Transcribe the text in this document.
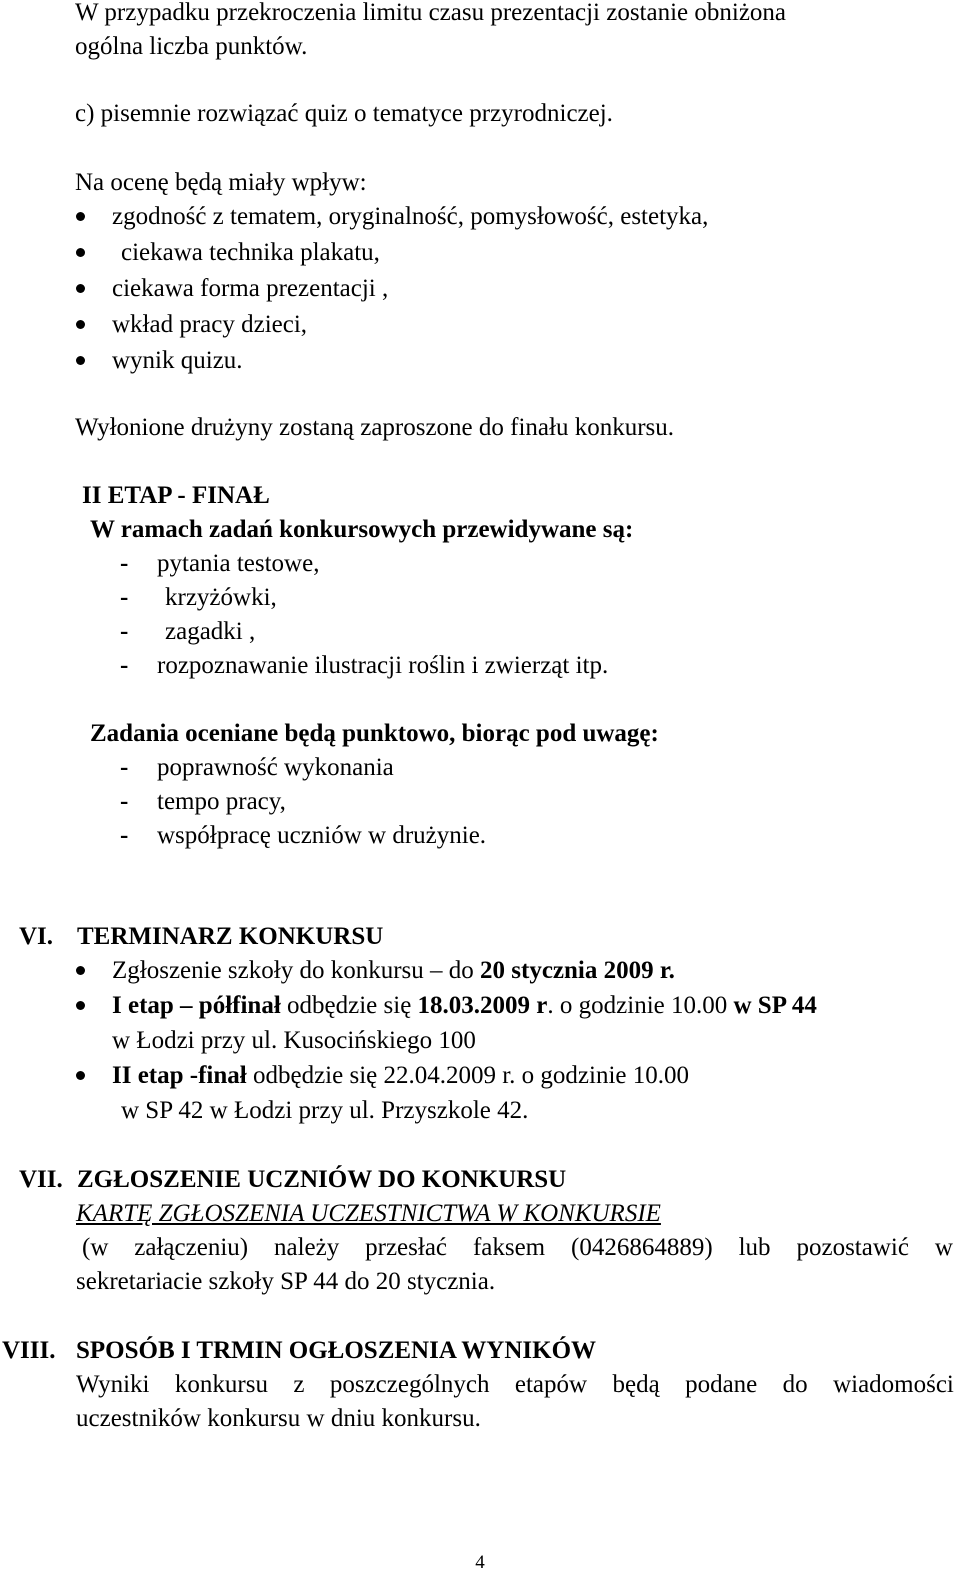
W przypadku przekroczenia limitu czasu prezentacji zostanie obniżona

ogólna liczba punktów.

c) pisemnie rozwiązać quiz o tematyce przyrodniczej.

Na ocenę będą miały wpływ:

zgodność z tematem, oryginalność, pomysłowość, estetyka,

ciekawa technika plakatu,

ciekawa forma prezentacji ,

wkład pracy dzieci,

wynik quizu.

Wyłonione drużyny zostaną zaproszone do finału konkursu.

II ETAP - FINAŁ

W ramach zadań konkursowych przewidywane są:

- pytania testowe,

- krzyżówki,

- zagadki ,

- rozpoznawanie ilustracji roślin i zwierząt itp.

Zadania oceniane będą punktowo, biorąc pod uwagę:

- poprawność wykonania

- tempo pracy,

- współpracę uczniów w drużynie.

VI. TERMINARZ KONKURSU

Zgłoszenie szkoły do konkursu – do 20 stycznia 2009 r.

I etap – półfinał odbędzie się 18.03.2009 r. o godzinie 10.00 w SP 44

w Łodzi przy ul. Kusocińskiego 100

II etap -finał odbędzie się 22.04.2009 r. o godzinie 10.00

w SP 42 w Łodzi przy ul. Przyszkole 42.

VII. ZGŁOSZENIE UCZNIÓW DO KONKURSU

KARTĘ ZGŁOSZENIA UCZESTNICTWA W KONKURSIE

(w załączeniu) należy przesłać faksem (0426864889) lub pozostawić w

sekretariacie szkoły SP 44 do 20 stycznia.

VIII. SPOSÓB I TRMIN OGŁOSZENIA WYNIKÓW

Wyniki konkursu z poszczególnych etapów będą podane do wiadomości

uczestników konkursu w dniu konkursu.

4
